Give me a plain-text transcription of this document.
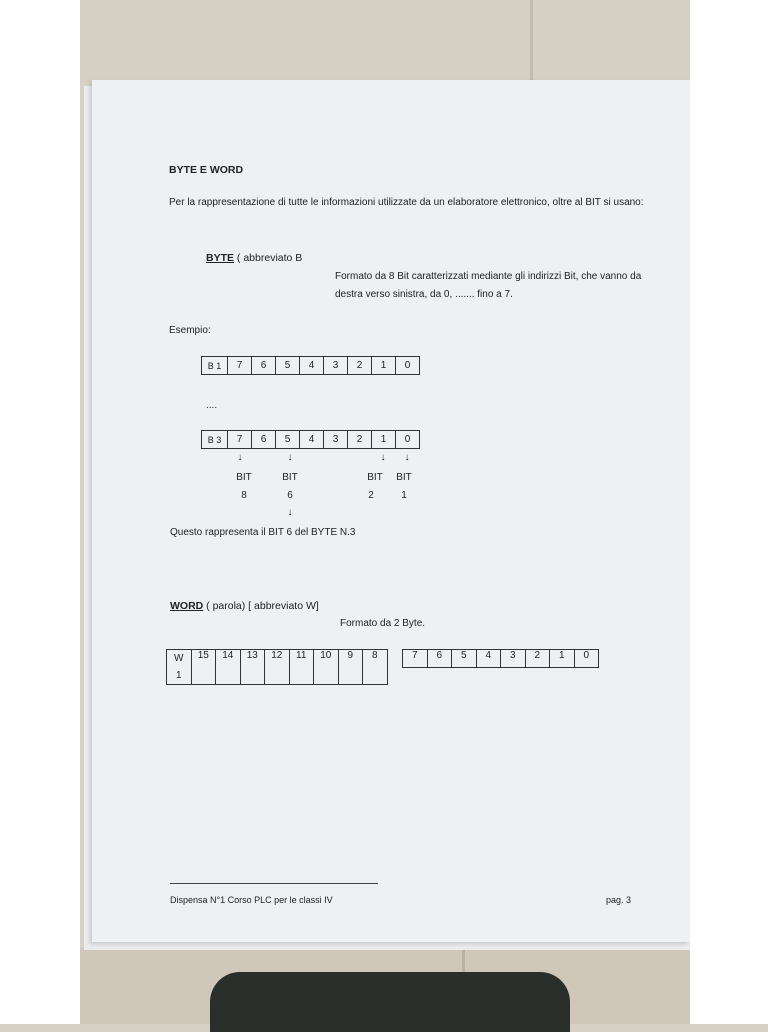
BYTE E WORD
Per la rappresentazione di tutte le informazioni utilizzate da un elaboratore elettronico, oltre al BIT si usano:
BYTE ( abbreviato B
Formato da 8 Bit caratterizzati mediante gli indirizzi Bit, che vanno da destra verso sinistra, da 0, ....... fino a 7.
Esempio:
B 1	7	6	5	4	3	2	1	0
....
B 3	7	6	5	4	3	2	1	0
↓	↓	↓	↓
BIT	BIT	BIT	BIT
8	6	2	1
↓
Questo rappresenta il BIT 6 del BYTE N.3
WORD ( parola) [ abbreviato W]
Formato da 2 Byte.
W
1
	15	14	13	12	11	10	9	8	7	6	5	4	3	2	1	0
Dispensa N°1 Corso PLC per le classi IV	pag. 3
